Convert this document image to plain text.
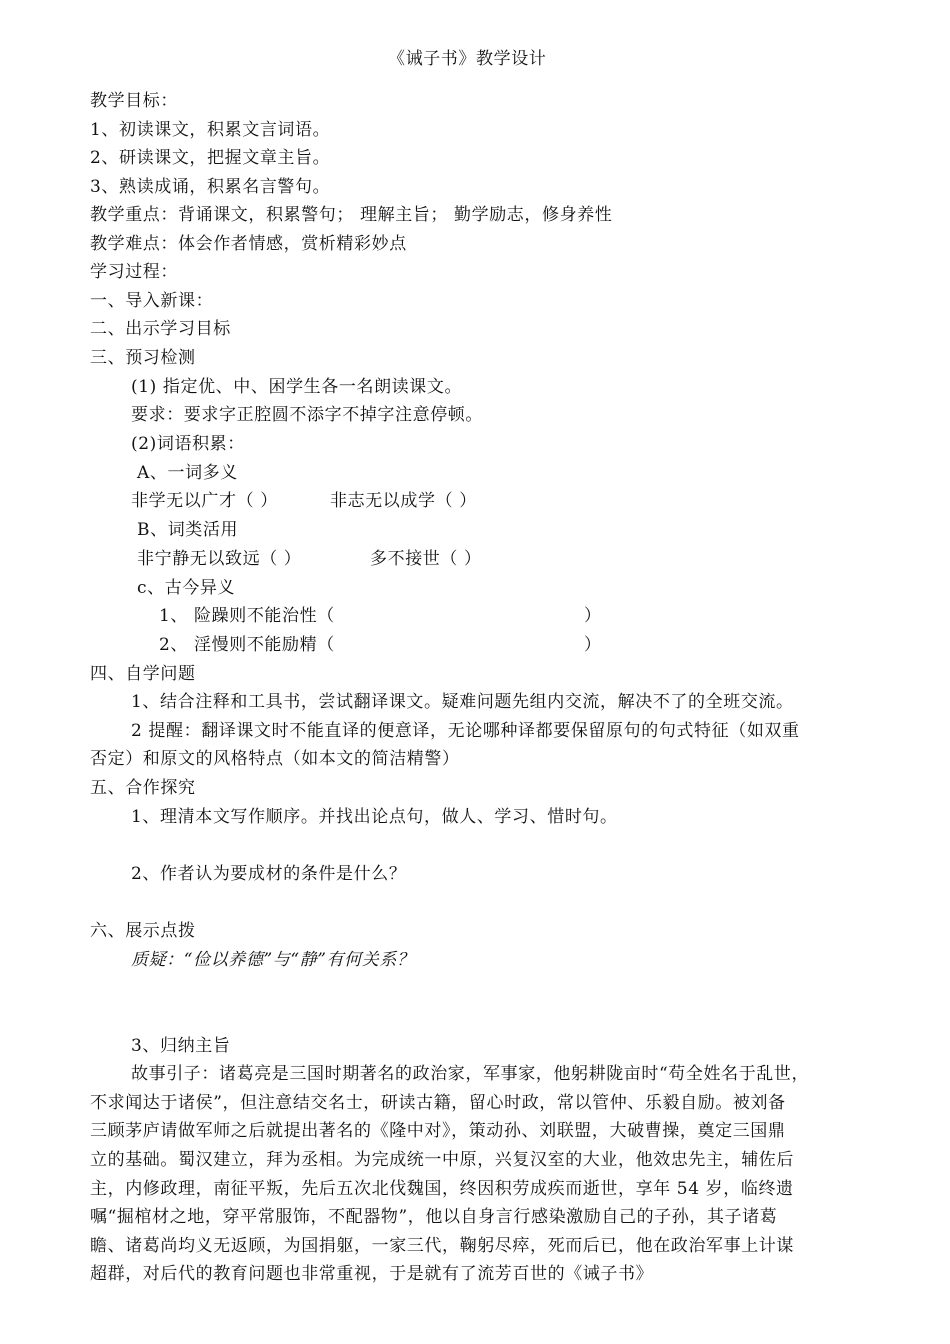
《诫子书》教学设计
教学目标：
1、初读课文，积累文言词语。
2、研读课文，把握文章主旨。
3、熟读成诵，积累名言警句。
教学重点：背诵课文，积累警句； 理解主旨； 勤学励志，修身养性
教学难点：体会作者情感，赏析精彩妙点
学习过程：
一、导入新课：
二、出示学习目标
三、预习检测
(1) 指定优、中、困学生各一名朗读课文。
要求：要求字正腔圆不添字不掉字注意停顿。
(2)词语积累：
A、一词多义
非学无以广才（ ）	非志无以成学（ ）
B、词类活用
非宁静无以致远（ ）	多不接世（ ）
c、古今异义
1、 险躁则不能治性（	）
2、 淫慢则不能励精（	）
四、自学问题
1、结合注释和工具书，尝试翻译课文。疑难问题先组内交流，解决不了的全班交流。
2 提醒：翻译课文时不能直译的便意译，无论哪种译都要保留原句的句式特征（如双重
否定）和原文的风格特点（如本文的简洁精警）
五、合作探究
1、理清本文写作顺序。并找出论点句，做人、学习、惜时句。
2、作者认为要成材的条件是什么？
六、展示点拨
质疑：“俭以养德”与“静”有何关系？
3、归纳主旨
故事引子：诸葛亮是三国时期著名的政治家，军事家，他躬耕陇亩时“苟全姓名于乱世，
不求闻达于诸侯”，但注意结交名士，研读古籍，留心时政，常以管仲、乐毅自励。被刘备
三顾茅庐请做军师之后就提出著名的《隆中对》，策动孙、刘联盟，大破曹操，奠定三国鼎
立的基础。蜀汉建立，拜为丞相。为完成统一中原，兴复汉室的大业，他效忠先主，辅佐后
主，内修政理，南征平叛，先后五次北伐魏国，终因积劳成疾而逝世，享年 54 岁，临终遗
嘱“掘棺材之地，穿平常服饰，不配器物”，他以自身言行感染激励自己的子孙，其子诸葛
瞻、诸葛尚均义无返顾，为国捐躯，一家三代，鞠躬尽瘁，死而后已，他在政治军事上计谋
超群，对后代的教育问题也非常重视，于是就有了流芳百世的《诫子书》
